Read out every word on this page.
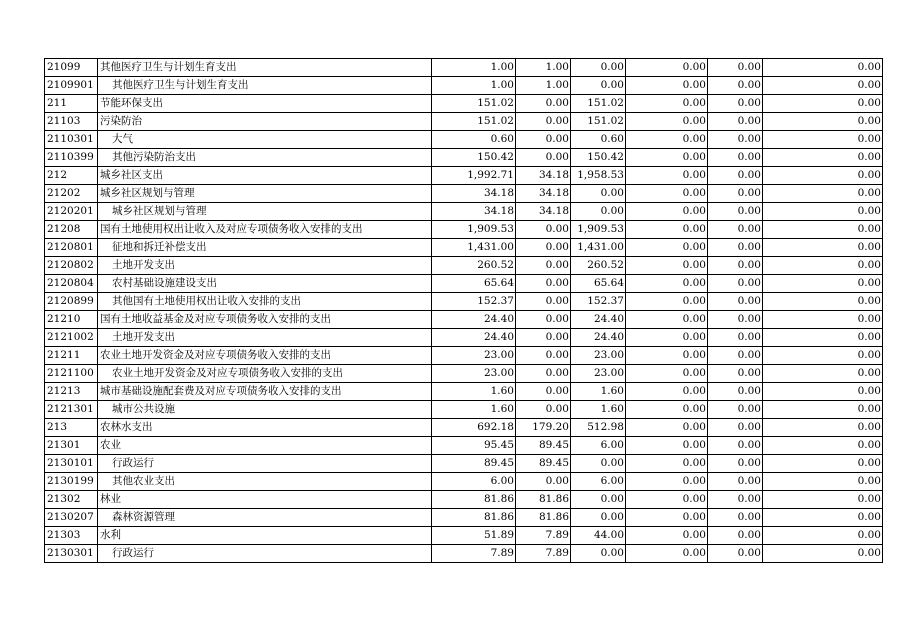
21099	其他医疗卫生与计划生育支出	1.00	1.00	0.00	0.00	0.00	0.00
2109901	其他医疗卫生与计划生育支出	1.00	1.00	0.00	0.00	0.00	0.00
211	节能环保支出	151.02	0.00	151.02	0.00	0.00	0.00
21103	污染防治	151.02	0.00	151.02	0.00	0.00	0.00
2110301	大气	0.60	0.00	0.60	0.00	0.00	0.00
2110399	其他污染防治支出	150.42	0.00	150.42	0.00	0.00	0.00
212	城乡社区支出	1,992.71	34.18	1,958.53	0.00	0.00	0.00
21202	城乡社区规划与管理	34.18	34.18	0.00	0.00	0.00	0.00
2120201	城乡社区规划与管理	34.18	34.18	0.00	0.00	0.00	0.00
21208	国有土地使用权出让收入及对应专项债务收入安排的支出	1,909.53	0.00	1,909.53	0.00	0.00	0.00
2120801	征地和拆迁补偿支出	1,431.00	0.00	1,431.00	0.00	0.00	0.00
2120802	土地开发支出	260.52	0.00	260.52	0.00	0.00	0.00
2120804	农村基础设施建设支出	65.64	0.00	65.64	0.00	0.00	0.00
2120899	其他国有土地使用权出让收入安排的支出	152.37	0.00	152.37	0.00	0.00	0.00
21210	国有土地收益基金及对应专项债务收入安排的支出	24.40	0.00	24.40	0.00	0.00	0.00
2121002	土地开发支出	24.40	0.00	24.40	0.00	0.00	0.00
21211	农业土地开发资金及对应专项债务收入安排的支出	23.00	0.00	23.00	0.00	0.00	0.00
2121100	农业土地开发资金及对应专项债务收入安排的支出	23.00	0.00	23.00	0.00	0.00	0.00
21213	城市基础设施配套费及对应专项债务收入安排的支出	1.60	0.00	1.60	0.00	0.00	0.00
2121301	城市公共设施	1.60	0.00	1.60	0.00	0.00	0.00
213	农林水支出	692.18	179.20	512.98	0.00	0.00	0.00
21301	农业	95.45	89.45	6.00	0.00	0.00	0.00
2130101	行政运行	89.45	89.45	0.00	0.00	0.00	0.00
2130199	其他农业支出	6.00	0.00	6.00	0.00	0.00	0.00
21302	林业	81.86	81.86	0.00	0.00	0.00	0.00
2130207	森林资源管理	81.86	81.86	0.00	0.00	0.00	0.00
21303	水利	51.89	7.89	44.00	0.00	0.00	0.00
2130301	行政运行	7.89	7.89	0.00	0.00	0.00	0.00
